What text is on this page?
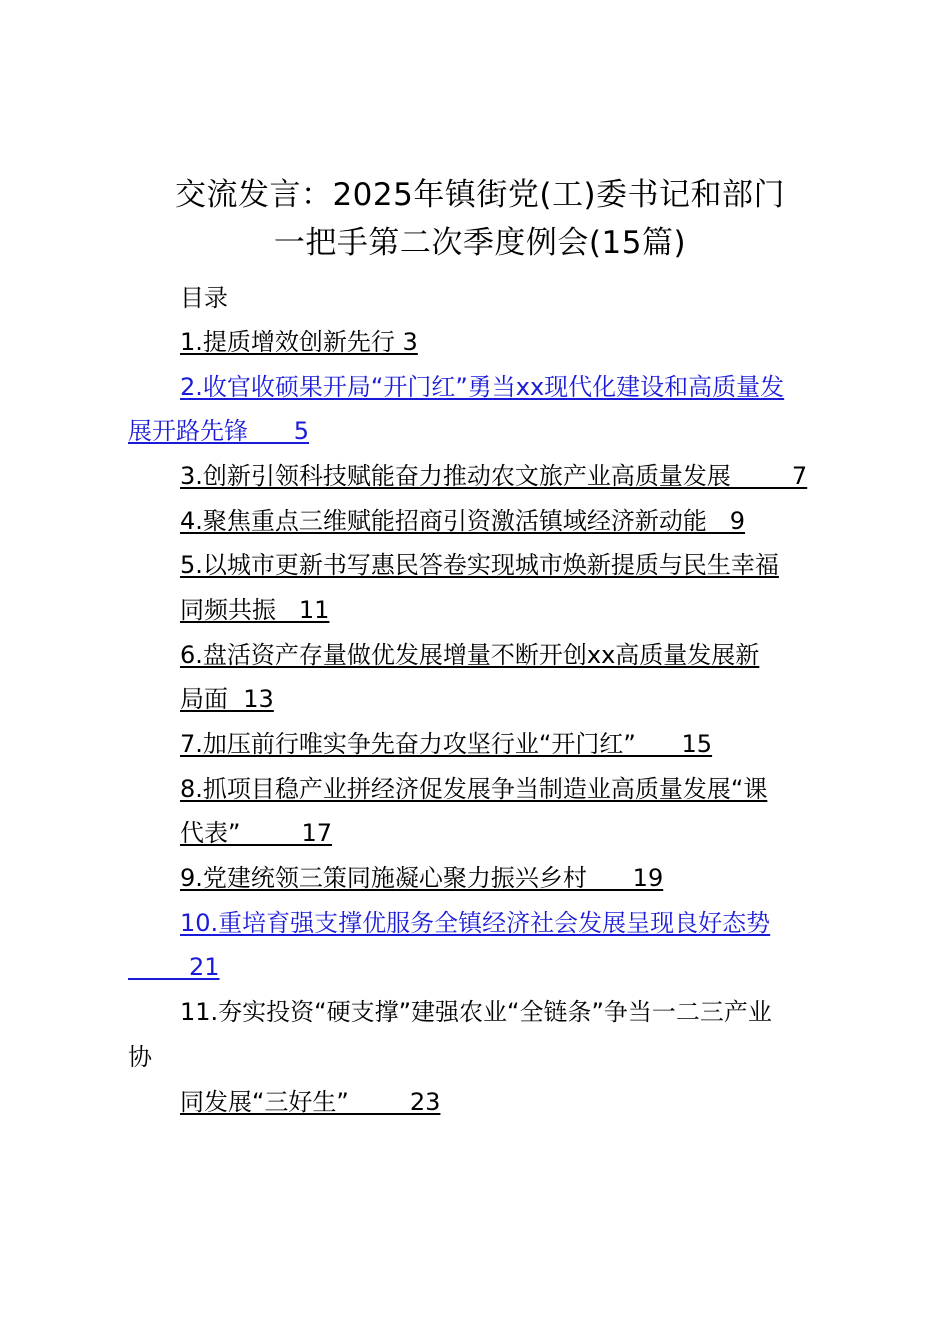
交流发言：2025年镇街党(工)委书记和部门
一把手第二次季度例会(15篇)
目录
1.提质增效创新先行 3
2.收官收硕果开局“开门红”勇当xx现代化建设和高质量发
展开路先锋      5
3.创新引领科技赋能奋力推动农文旅产业高质量发展        7
4.聚焦重点三维赋能招商引资激活镇域经济新动能   9
5.以城市更新书写惠民答卷实现城市焕新提质与民生幸福
同频共振   11
6.盘活资产存量做优发展增量不断开创xx高质量发展新
局面  13
7.加压前行唯实争先奋力攻坚行业“开门红”      15
8.抓项目稳产业拼经济促发展争当制造业高质量发展“课
代表”        17
9.党建统领三策同施凝心聚力振兴乡村      19
10.重培育强支撑优服务全镇经济社会发展呈现良好态势
21
11.夯实投资“硬支撑”建强农业“全链条”争当一二三产业
协
同发展“三好生”        23
